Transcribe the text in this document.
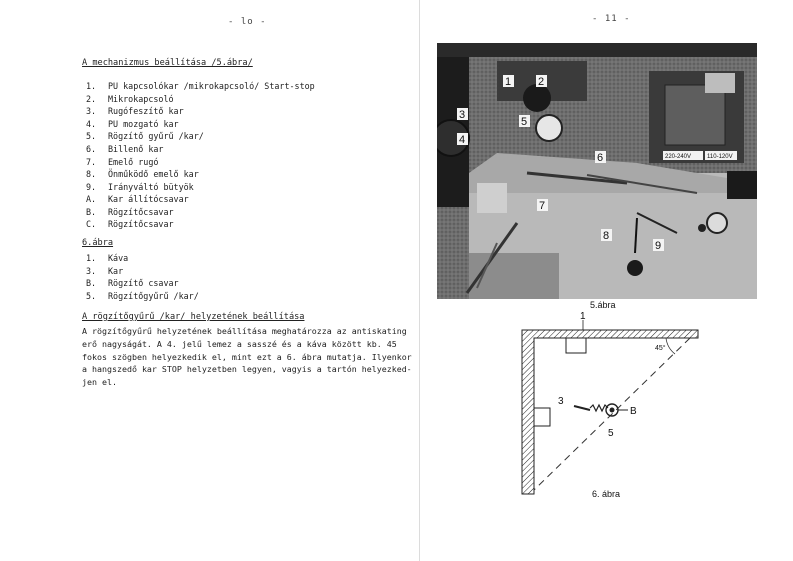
- lo -
A mechanizmus beállítása /5.ábra/
1. PU kapcsolókar /mikrokapcsoló/ Start-stop
2. Mikrokapcsoló
3. Rugófeszítő kar
4. PU mozgató kar
5. Rögzítő gyűrű /kar/
6. Billenő kar
7. Emelő rugó
8. Önműködő emelő kar
9. Irányváltó bütyök
A. Kar állítócsavar
B. Rögzítőcsavar
C. Rögzítőcsavar
6.ábra
1. Káva
3. Kar
B. Rögzítő csavar
5. Rögzítőgyűrű /kar/
A rögzítőgyűrű /kar/ helyzetének beállítása
A rögzítőgyűrű helyzetének beállítása meghatározza az antiskating
erő nagyságát. A 4. jelű lemez a sasszé és a káva között kb. 45
fokos szögben helyezkedik el, mint ezt a 6. ábra mutatja. Ilyenkor
a hangszedő kar STOP helyzetben legyen, vagyis a tartón helyezked-
jen el.
- 11 -
220-240V	110-120V
1 2
3
4
5
6
7
8
9
5.ábra
1
45°
3
B
5
6. ábra
